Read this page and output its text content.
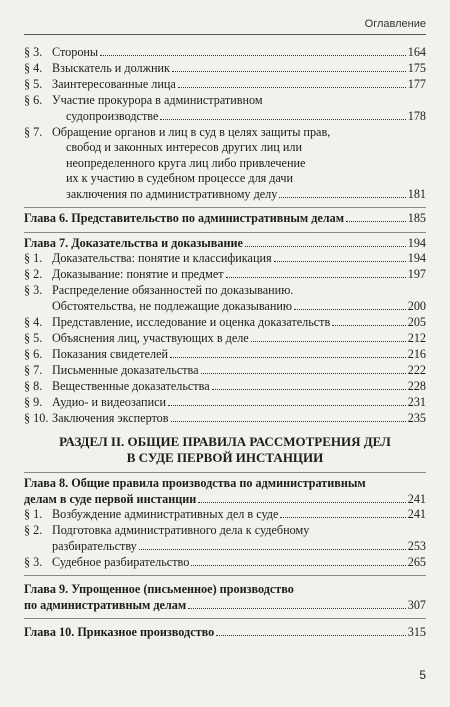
Оглавление
§ 3. Стороны	164
§ 4. Взыскатель и должник	175
§ 5. Заинтересованные лица	177
§ 6. Участие прокурора в административном
судопроизводстве	178
§ 7. Обращение органов и лиц в суд в целях защиты прав,
свобод и законных интересов других лиц или
неопределенного круга лиц либо привлечение
их к участию в судебном процессе для дачи
заключения по административному делу	181
Глава 6. Представительство по административным делам	185
Глава 7. Доказательства и доказывание	194
§ 1. Доказательства: понятие и классификация	194
§ 2. Доказывание: понятие и предмет	197
§ 3. Распределение обязанностей по доказыванию.
Обстоятельства, не подлежащие доказыванию	200
§ 4. Представление, исследование и оценка доказательств	205
§ 5. Объяснения лиц, участвующих в деле	212
§ 6. Показания свидетелей	216
§ 7. Письменные доказательства	222
§ 8. Вещественные доказательства	228
§ 9. Аудио- и видеозаписи	231
§ 10. Заключения экспертов	235
РАЗДЕЛ II. ОБЩИЕ ПРАВИЛА РАССМОТРЕНИЯ ДЕЛ
В СУДЕ ПЕРВОЙ ИНСТАНЦИИ
Глава 8. Общие правила производства по административным
делам в суде первой инстанции	241
§ 1. Возбуждение административных дел в суде	241
§ 2. Подготовка административного дела к судебному
разбирательству	253
§ 3. Судебное разбирательство	265
Глава 9. Упрощенное (письменное) производство
по административным делам	307
Глава 10. Приказное производство	315
5
